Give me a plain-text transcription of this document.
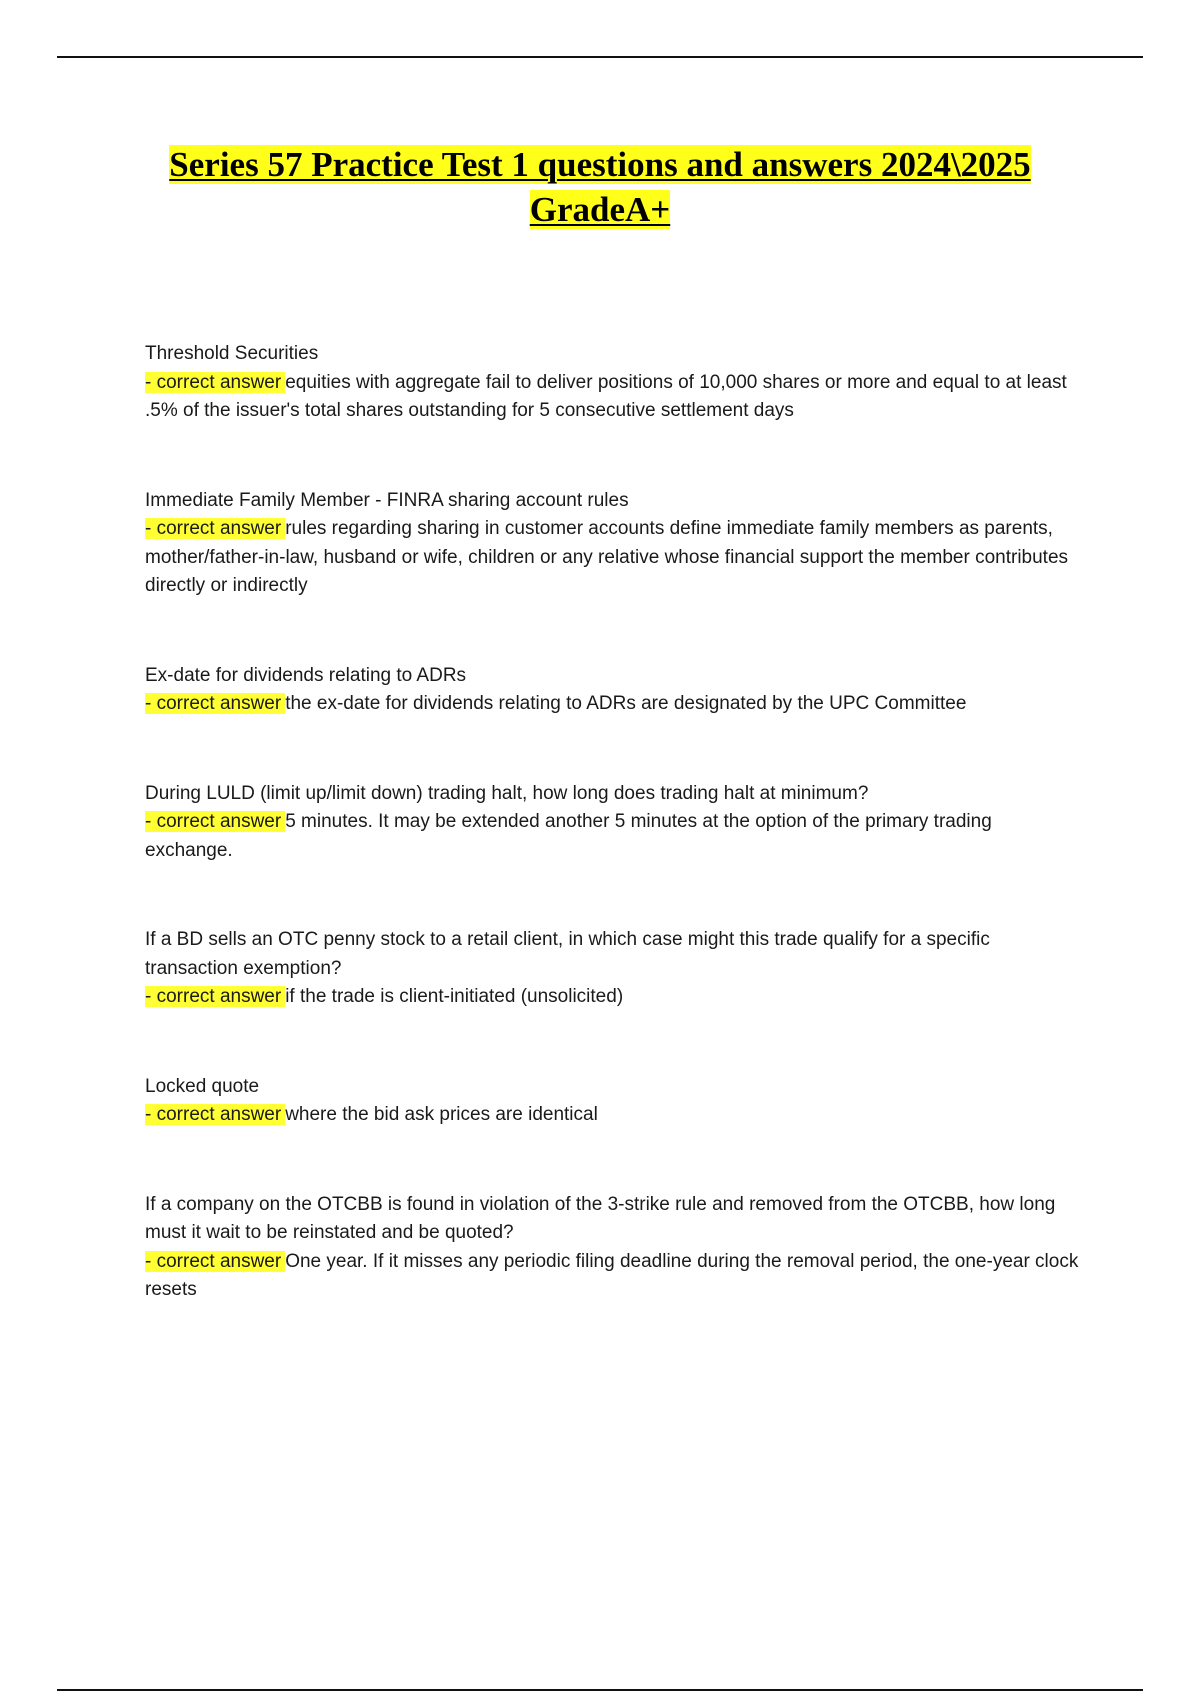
Series 57 Practice Test 1 questions and answers 2024\2025
GradeA+
Threshold Securities
- correct answer equities with aggregate fail to deliver positions of 10,000 shares or more and equal to at least .5% of the issuer's total shares outstanding for 5 consecutive settlement days
Immediate Family Member - FINRA sharing account rules
- correct answer rules regarding sharing in customer accounts define immediate family members as parents, mother/father-in-law, husband or wife, children or any relative whose financial support the member contributes directly or indirectly
Ex-date for dividends relating to ADRs
- correct answer the ex-date for dividends relating to ADRs are designated by the UPC Committee
During LULD (limit up/limit down) trading halt, how long does trading halt at minimum?
- correct answer 5 minutes. It may be extended another 5 minutes at the option of the primary trading exchange.
If a BD sells an OTC penny stock to a retail client, in which case might this trade qualify for a specific transaction exemption?
- correct answer if the trade is client-initiated (unsolicited)
Locked quote
- correct answer where the bid ask prices are identical
If a company on the OTCBB is found in violation of the 3-strike rule and removed from the OTCBB, how long must it wait to be reinstated and be quoted?
- correct answer One year. If it misses any periodic filing deadline during the removal period, the one-year clock resets
